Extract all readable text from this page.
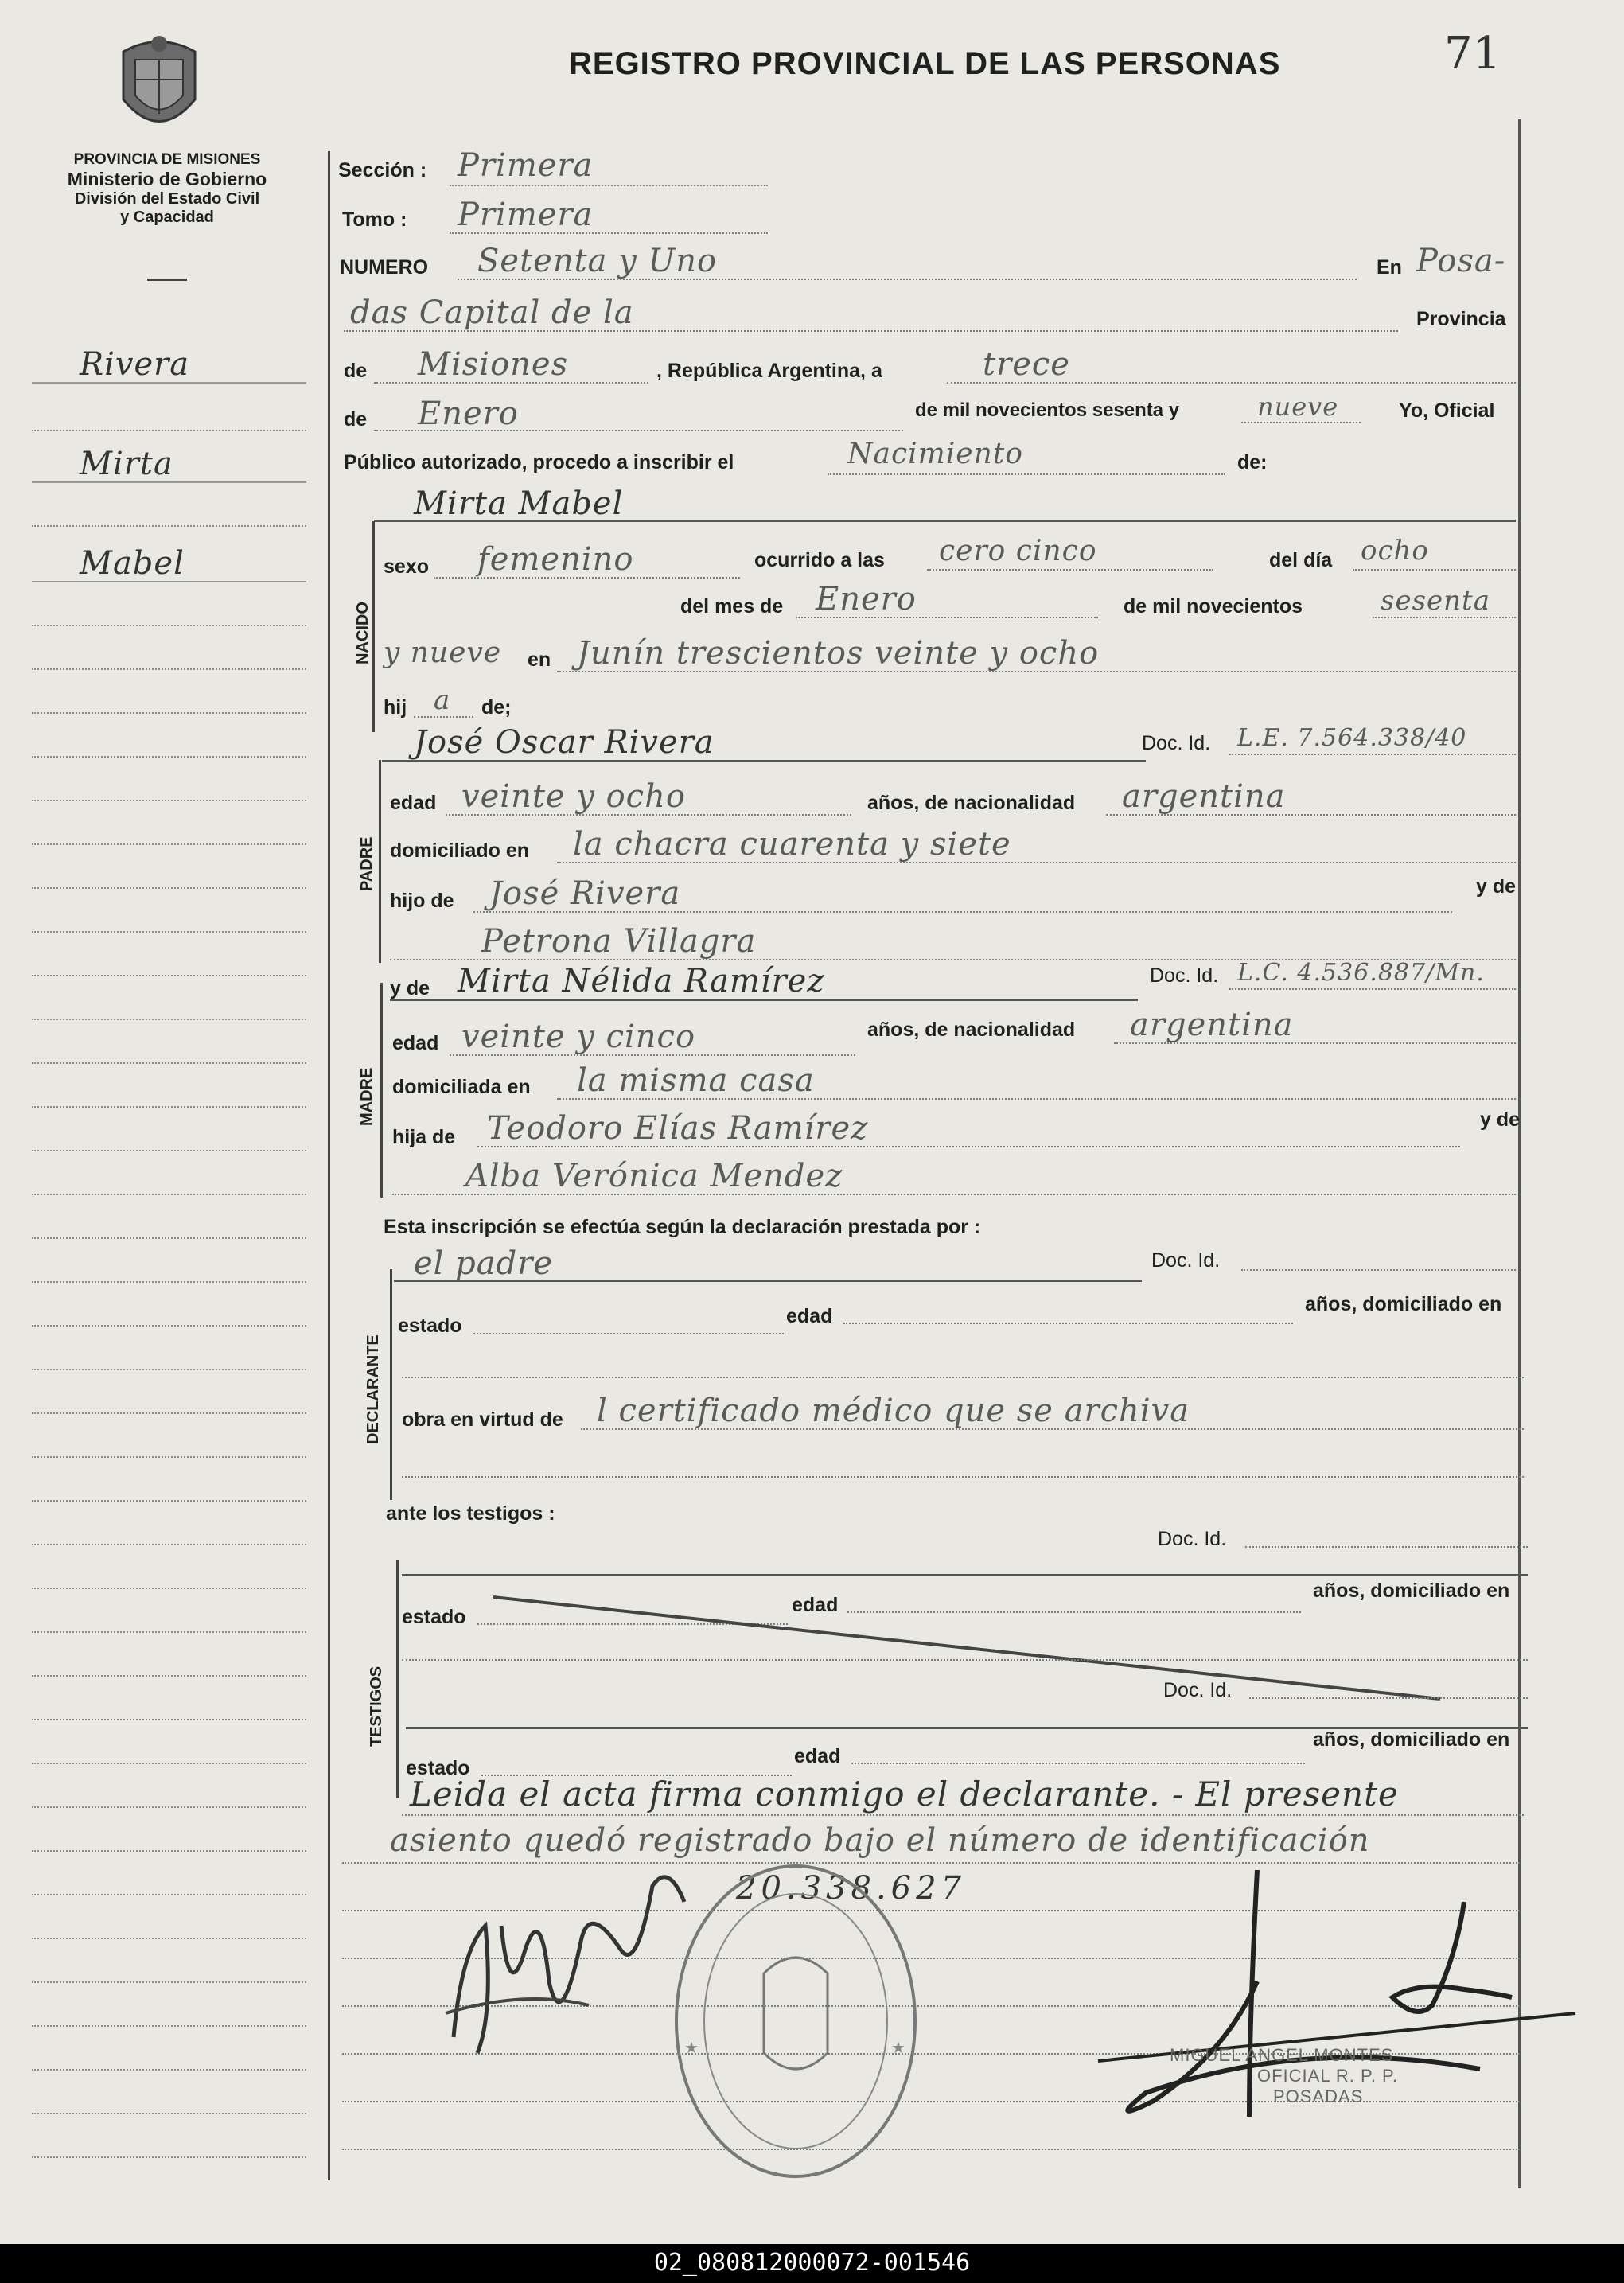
PROVINCIA DE MISIONES
Ministerio de Gobierno
División del Estado Civil
y Capacidad
REGISTRO PROVINCIAL DE LAS PERSONAS	71
Rivera
Mirta
Mabel
Sección : Primera
Tomo : Primera
NUMERO Setenta y Uno	En Posa-
das Capital de la	Provincia
de Misiones	, República Argentina, a	trece
de Enero	de mil novecientos sesenta y	nueve	Yo, Oficial
Público autorizado, procedo a inscribir el	Nacimiento	de:
Mirta Mabel
NACIDO
sexo femenino	ocurrido a las cero cinco	del día ocho
del mes de Enero	de mil novecientos	sesenta
y nueve en Junín trescientos veinte y ocho
hij a de;
José Oscar Rivera	Doc. Id. L.E. 7.564.338/40
PADRE
edad veinte y ocho	años, de nacionalidad argentina
domiciliado en la chacra cuarenta y siete
hijo de José Rivera	y de
Petrona Villagra
y de Mirta Nélida Ramírez	Doc. Id. L.C. 4.536.887/Mn.
MADRE
edad veinte y cinco	años, de nacionalidad argentina
domiciliada en la misma casa
hija de Teodoro Elías Ramírez	y de
Alba Verónica Mendez
Esta inscripción se efectúa según la declaración prestada por :
el padre	Doc. Id.
DECLARANTE
estado	edad
años, domiciliado en
obra en virtud de l certificado médico que se archiva
ante los testigos :
Doc. Id.
TESTIGOS
estado
edad
años, domiciliado en
Doc. Id.
estado
edad
años, domiciliado en
Leida el acta firma conmigo el declarante. - El presente
asiento quedó registrado bajo el número de identificación
20.338.627
★	★	MIGUEL ANGEL MONTES
OFICIAL R. P. P.
POSADAS
02_080812000072-001546
